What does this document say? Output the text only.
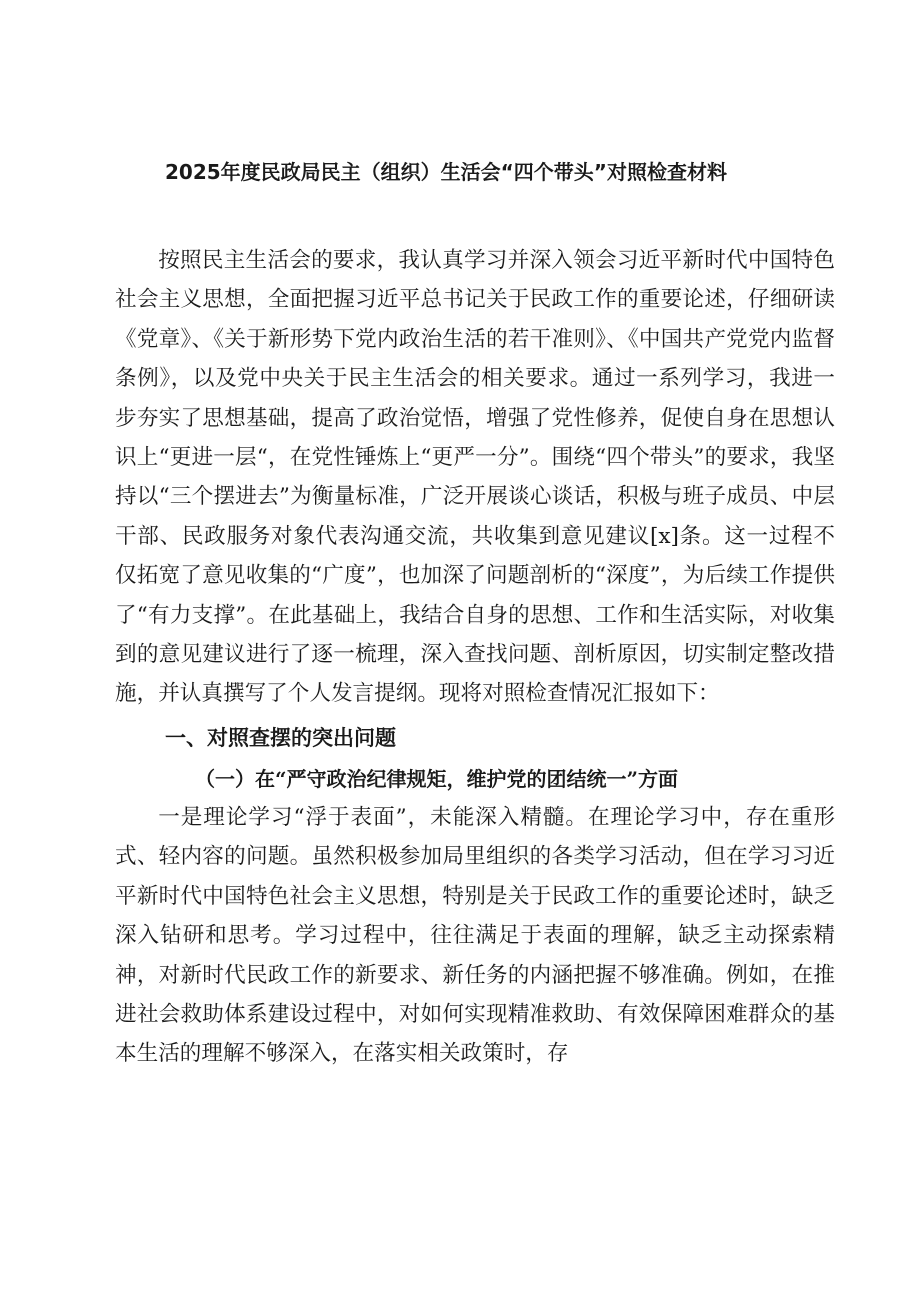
2025年度民政局民主（组织）生活会“四个带头”对照检查材料

按照民主生活会的要求，我认真学习并深入领会习近平新时代中国特色社会主义思想，全面把握习近平总书记关于民政工作的重要论述，仔细研读《党章》、《关于新形势下党内政治生活的若干准则》、《中国共产党党内监督条例》，以及党中央关于民主生活会的相关要求。通过一系列学习，我进一步夯实了思想基础，提高了政治觉悟，增强了党性修养，促使自身在思想认识上“更进一层“，在党性锤炼上“更严一分”。围绕“四个带头”的要求，我坚持以“三个摆进去”为衡量标准，广泛开展谈心谈话，积极与班子成员、中层干部、民政服务对象代表沟通交流，共收集到意见建议[x]条。这一过程不仅拓宽了意见收集的“广度”，也加深了问题剖析的“深度”，为后续工作提供了“有力支撑”。在此基础上，我结合自身的思想、工作和生活实际，对收集到的意见建议进行了逐一梳理，深入查找问题、剖析原因，切实制定整改措施，并认真撰写了个人发言提纲。现将对照检查情况汇报如下：

一、对照查摆的突出问题
（一）在“严守政治纪律规矩，维护党的团结统一”方面

一是理论学习“浮于表面”，未能深入精髓。在理论学习中，存在重形式、轻内容的问题。虽然积极参加局里组织的各类学习活动，但在学习习近平新时代中国特色社会主义思想，特别是关于民政工作的重要论述时，缺乏深入钻研和思考。学习过程中，往往满足于表面的理解，缺乏主动探索精神，对新时代民政工作的新要求、新任务的内涵把握不够准确。例如，在推进社会救助体系建设过程中，对如何实现精准救助、有效保障困难群众的基本生活的理解不够深入，在落实相关政策时，存
